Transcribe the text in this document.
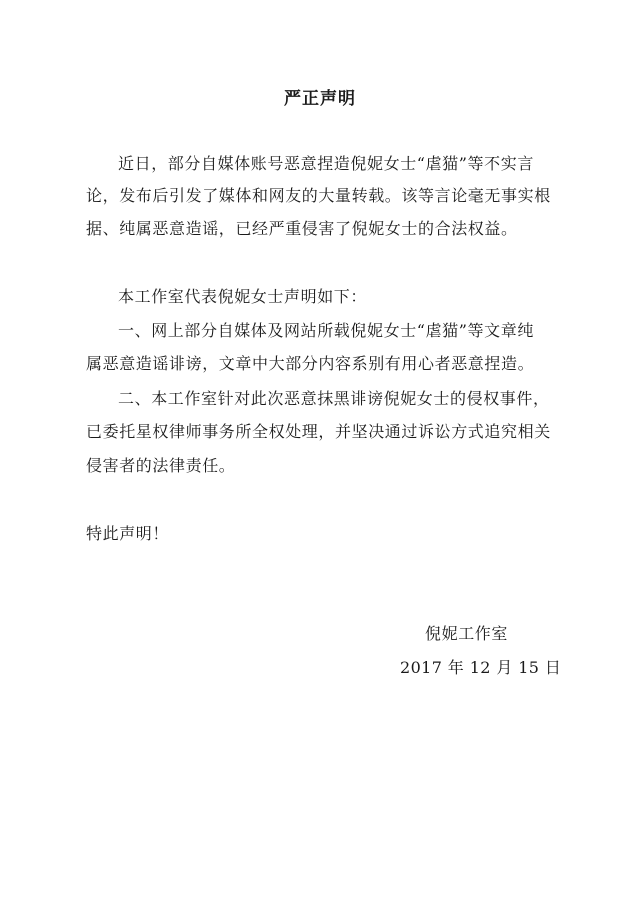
严正声明
近日，部分自媒体账号恶意捏造倪妮女士“虐猫”等不实言
论，发布后引发了媒体和网友的大量转载。该等言论毫无事实根
据、纯属恶意造谣，已经严重侵害了倪妮女士的合法权益。
本工作室代表倪妮女士声明如下：
一、网上部分自媒体及网站所载倪妮女士“虐猫”等文章纯
属恶意造谣诽谤，文章中大部分内容系别有用心者恶意捏造。
二、本工作室针对此次恶意抹黑诽谤倪妮女士的侵权事件，
已委托星权律师事务所全权处理，并坚决通过诉讼方式追究相关
侵害者的法律责任。
特此声明！
倪妮工作室
2017 年 12 月 15 日
